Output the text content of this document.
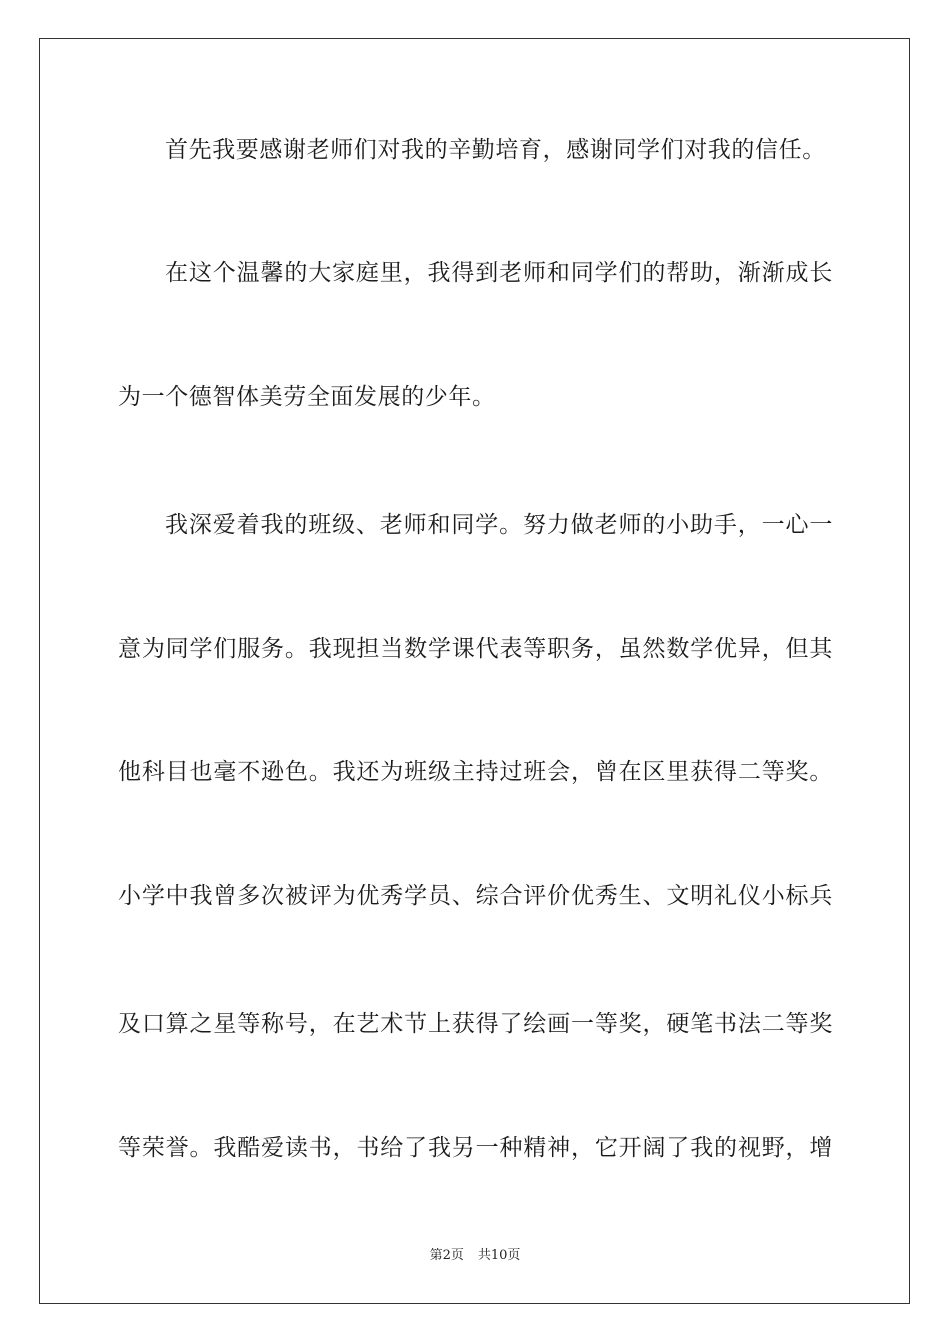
首先我要感谢老师们对我的辛勤培育，感谢同学们对我的信任。
在这个温馨的大家庭里，我得到老师和同学们的帮助，渐渐成长
为一个德智体美劳全面发展的少年。
我深爱着我的班级、老师和同学。努力做老师的小助手，一心一
意为同学们服务。我现担当数学课代表等职务，虽然数学优异，但其
他科目也毫不逊色。我还为班级主持过班会，曾在区里获得二等奖。
小学中我曾多次被评为优秀学员、综合评价优秀生、文明礼仪小标兵
及口算之星等称号，在艺术节上获得了绘画一等奖，硬笔书法二等奖
等荣誉。我酷爱读书，书给了我另一种精神，它开阔了我的视野，增
第2页 共10页
